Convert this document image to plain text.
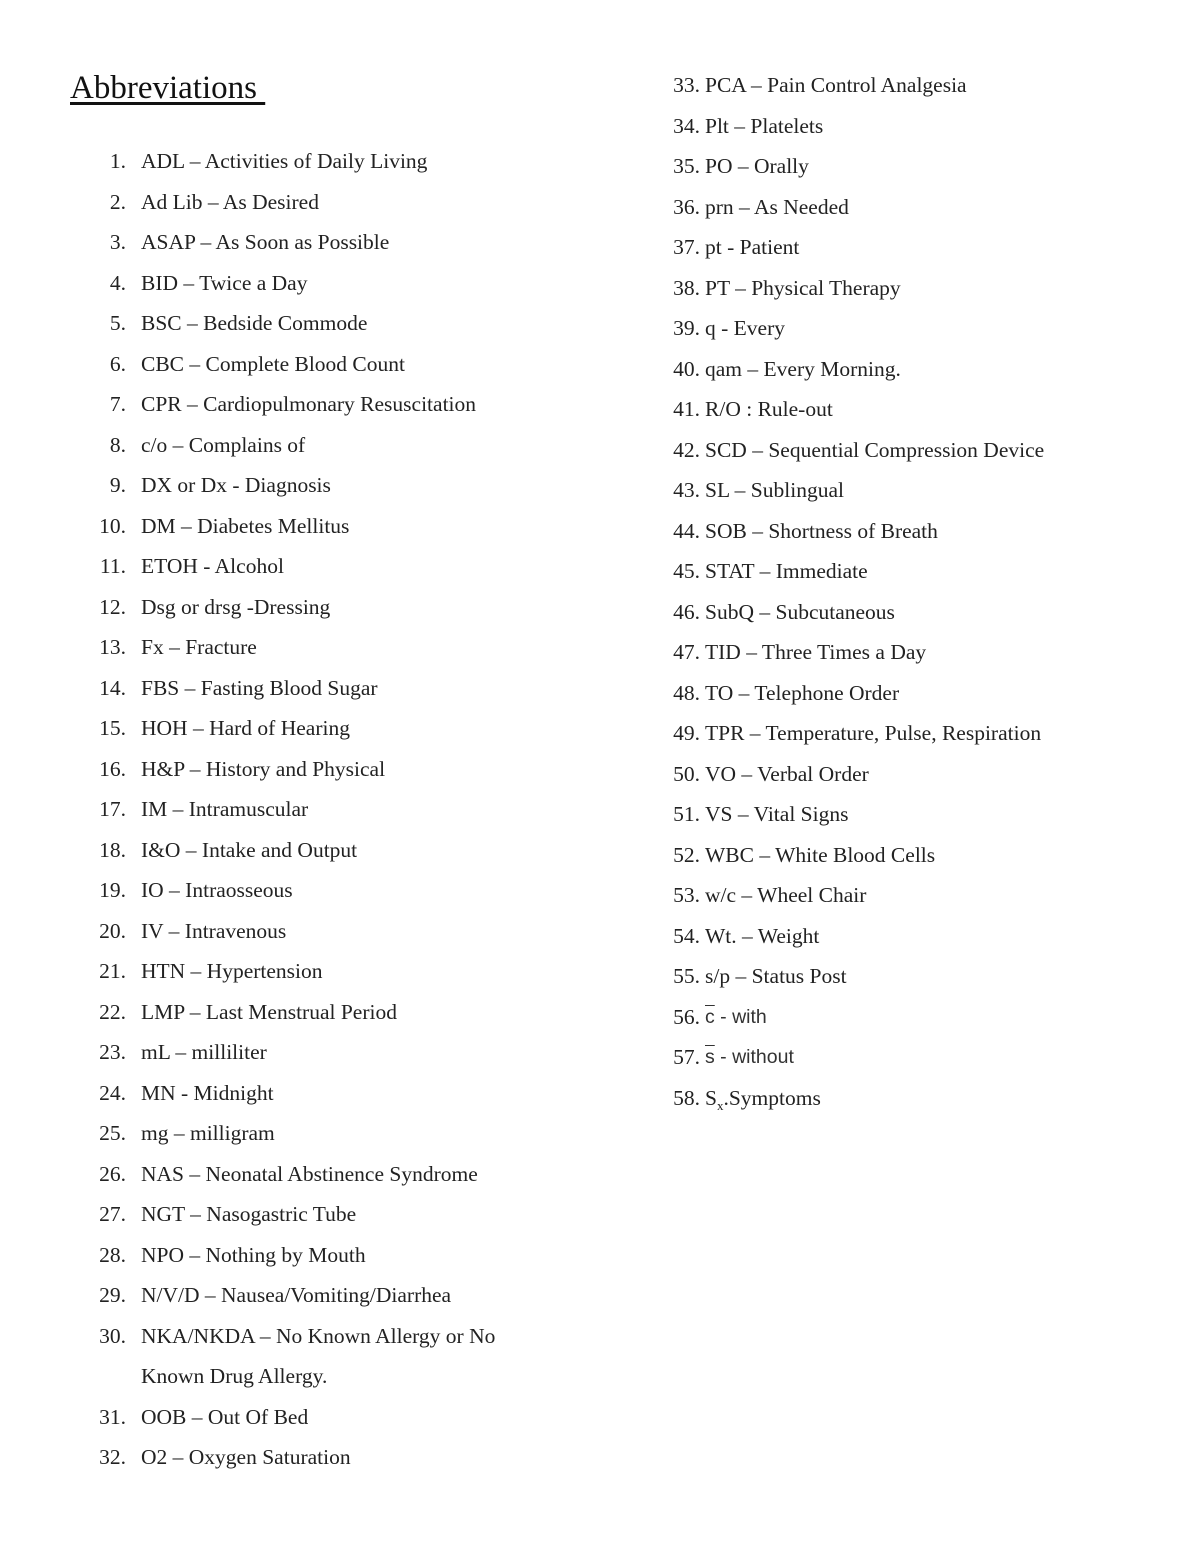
Abbreviations
1. ADL – Activities of Daily Living
2. Ad Lib – As Desired
3. ASAP – As Soon as Possible
4. BID – Twice a Day
5. BSC – Bedside Commode
6. CBC – Complete Blood Count
7. CPR – Cardiopulmonary Resuscitation
8. c/o – Complains of
9. DX or Dx - Diagnosis
10. DM – Diabetes Mellitus
11. ETOH - Alcohol
12. Dsg or drsg -Dressing
13. Fx – Fracture
14. FBS – Fasting Blood Sugar
15. HOH – Hard of Hearing
16. H&P – History and Physical
17. IM – Intramuscular
18. I&O – Intake and Output
19. IO – Intraosseous
20. IV – Intravenous
21. HTN – Hypertension
22. LMP – Last Menstrual Period
23. mL – milliliter
24. MN - Midnight
25. mg – milligram
26. NAS – Neonatal Abstinence Syndrome
27. NGT – Nasogastric Tube
28. NPO – Nothing by Mouth
29. N/V/D – Nausea/Vomiting/Diarrhea
30. NKA/NKDA – No Known Allergy or No Known Drug Allergy.
31. OOB – Out Of Bed
32. O2 – Oxygen Saturation
33. PCA – Pain Control Analgesia
34. Plt – Platelets
35. PO – Orally
36. prn – As Needed
37. pt - Patient
38. PT – Physical Therapy
39. q - Every
40. qam – Every Morning.
41. R/O : Rule-out
42. SCD – Sequential Compression Device
43. SL – Sublingual
44. SOB – Shortness of Breath
45. STAT – Immediate
46. SubQ – Subcutaneous
47. TID – Three Times a Day
48. TO – Telephone Order
49. TPR – Temperature, Pulse, Respiration
50. VO – Verbal Order
51. VS – Vital Signs
52. WBC – White Blood Cells
53. w/c – Wheel Chair
54. Wt. – Weight
55. s/p – Status Post
56. $\overline{c}$ - with
57. $\overline{s}$ - without
58. $S_x.Symptoms$
